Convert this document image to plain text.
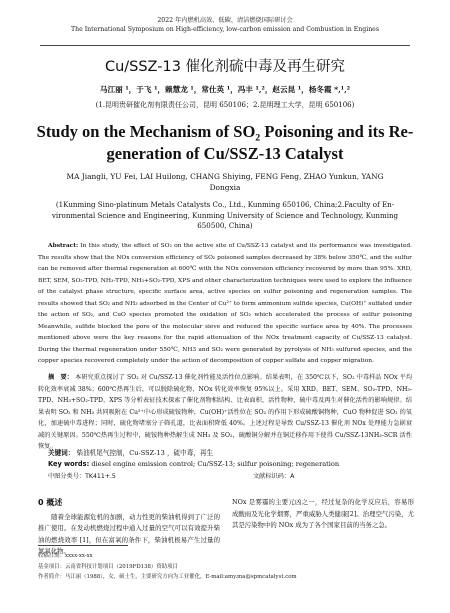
2022 年内燃机高效、低碳、清洁燃烧国际研讨会
The International Symposium on High-efficiency, low-carbon emission and Combustion in Engines
Cu/SSZ-13 催化剂硫中毒及再生研究
马江丽 ¹，于飞 ¹，赖慧龙 ¹，常仕英 ¹，冯丰 ¹,²，赵云昆 ¹，杨冬霞 *,¹,²
(1.昆明贵研催化剂有限责任公司，昆明 650106；2.昆明理工大学，昆明 650106)
Study on the Mechanism of SO₂ Poisoning and its Re-
generation of Cu/SSZ-13 Catalyst
MA Jiangli, YU Fei, LAI Huilong, CHANG Shiying, FENG Feng, ZHAO Yunkun, YANG
Dongxia
(1Kunming Sino-platinum Metals Catalysts Co., Ltd., Kunming 650106, China;2.Faculty of En-
vironmental Science and Engineering, Kunming University of Science and Technology, Kunming
650500, China)
Abstract: In this study, the effect of SO₂ on the active site of Cu/SSZ-13 catalyst and its performance was investigated. The results show that the NOx conversion efficiency of SO₂ poisoned samples decreased by 38% below 350℃, and the sulfur can be removed after thermal regeneration at 600℃ with the NOx conversion efficiency recovered by more than 95%. XRD, BET, SEM, SO₂-TPD, NH₃-TPD, NH₃+SO₂-TPD, XPS and other characterization techniques were used to explore the influence of the catalyst phase structure, specific surface area, active species on sulfur poisoning and regeneration samples. The results showed that SO₂ and NH₃ adsorbed in the Center of Cu²⁺ to form ammonium sulfide species, Cu(OH)⁺ sulfated under the action of SO₂, and CuO species promoted the oxidation of SO₂ which accelerated the process of sulfur poisoning Meanwhile, sulfide blocked the pore of the molecular sieve and reduced the specific surface area by 40%. The processes mentioned above were the key reasons for the rapid attenuation of the NOx treatment capacity of Cu/SSZ-13 catalyst. During the thermal regeneration under 550℃, NH3 and SO₂ were generated by pyrolysis of NH₃ sulfured species, and the copper species recovered completely under the action of decomposition of copper sulfate and copper migration.
摘　要： 本研究重点探讨了 SO₂ 对 Cu/SSZ-13 催化剂性能及活性位点影响。结果表明，在 350℃以下，SO₂ 中毒样品 NOx 平均转化效率衰减 38%；600℃热再生后，可以脱除硫化物，NOx 转化效率恢复 95%以上。采用 XRD、BET、SEM、SO₂-TPD、NH₃-TPD、NH₃+SO₂-TPD、XPS 等分析表征技术探索了催化剂物相结构、比表面积、活性物种，硫中毒及再生对催化活性的影响规律。结果表明 SO₂ 和 NH₃ 共同吸附在 Cu²⁺中心形成硫铵物种，Cu(OH)⁺活性位在 SO₂ 的作用下形成硫酸铜物种，CuO 物种促进 SO₂ 的氧化，加速硫中毒进程；同时，硫化物堵塞分子筛孔道，比表面积降低 40%。上述过程是导致 Cu/SSZ-13 催化剂 NOx 处理能力急剧衰减的关键原因。550℃热再生过程中，硫铵物种热解生成 NH₃ 及 SO₂，硫酸铜分解并在铜迁移作用下使得 Cu/SSZ-13NH₃-SCR 活性恢复。
关键词： 柴油机尾气控制，Cu-SSZ-13 ，硫中毒，再生
Key words: diesel engine emission control; Cu/SSZ-13; sulfur poisoning; regeneration
中图分类号：TK411+.5	文献标识码：A
0 概述
随着全球能源危机的加剧，动力性更的柴油机得到了广泛的推广使用。在发动机燃烧过程中通入过量的空气可以有效提升柴油的燃烧效率 [1]，但在富氧的条件下，柴油机极易产生过量的氮氧化物。
NOx 是雾霾的主要元凶之一，经过复杂的化学反应后，容易形成酸雨及光化学烟雾，严重威胁人类健康[2]。治理空气污染，尤其是污染物中的 NOx 成为了各个国家目前的当务之急。
收稿日期：xxxx-xx-xx
基金项目：云南省科技计划项目（2019FD138）资助项目
作者简介：马江丽（1988），女，硕士生，主要研究方向为工业催化，E-mail:amy.ma@spmcatalyst.com
